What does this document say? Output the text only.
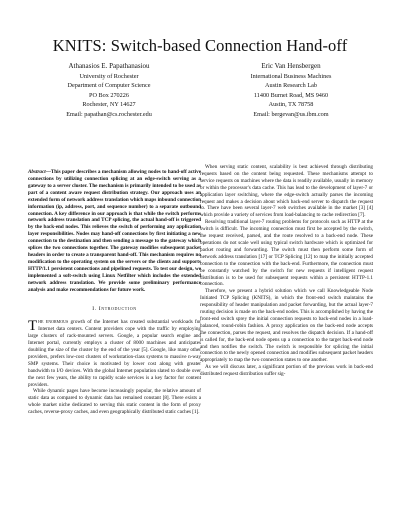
KNITS: Switch-based Connection Hand-off
Athanasios E. Papathanasiou
University of Rochester
Department of Computer Science
PO Box 270226
Rochester, NY 14627
Email: papathan@cs.rochester.edu
Eric Van Hensbergen
International Business Machines
Austin Research Lab
11400 Burnet Road, MS 9460
Austin, TX 78758
Email: bergevan@us.ibm.com

Abstract—This paper describes a mechanism allowing nodes to hand-off active connections by utilizing connection splicing at an edge-switch serving as a gateway to a server cluster. The mechanism is primarily intended to be used as part of a content aware request distribution strategy. Our approach uses an extended form of network address translation which maps inbound connection information (ip, address, port, and sequence number) to a separate outbound connection. A key difference in our approach is that while the switch performs network address translation and TCP splicing, the actual hand-off is triggered by the back-end nodes. This relieves the switch of performing any application layer responsibilities. Nodes may hand-off connections by first initiating a new connection to the destination and then sending a message to the gateway which splices the two connections together. The gateway modifies subsequent packet headers in order to create a transparent hand-off. This mechanism requires no modification to the operating system on the servers or the clients and supports HTTP/1.1 persistent connections and pipelined requests. To test our design, we implemented a soft-switch using Linux Netfilter which includes the extended network address translation. We provide some preliminary performance analysis and make recommendations for future work.

I. Introduction

The enormous growth of the Internet has created substantial workloads for Internet data centers. Content providers cope with the traffic by employing large clusters of rack-mounted servers. Google, a popular search engine and Internet portal, currently employs a cluster of 8000 machines and anticipates doubling the size of the cluster by the end of the year [5]. Google, like many other providers, prefers low-cost clusters of workstation-class systems to massive n-way SMP systems. Their choice is motivated by lower cost along with greater bandwidth to I/O devices. With the global Internet population slated to double over the next few years, the ability to rapidly scale services is a key factor for content providers.

While dynamic pages have become increasingly popular, the relative amount of static data as compared to dynamic data has remained constant [8]. There exists a whole market niche dedicated to serving this static content in the form of proxy caches, reverse-proxy caches, and even geographically distributed static caches [1].

When serving static content, scalability is best achieved through distributing requests based on the content being requested. These mechanisms attempt to service requests on machines where the data is readily available, usually in memory or within the processor's data cache. This has lead to the development of layer-7 or application layer switching, where the edge-switch actually parses the incoming request and makes a decision about which back-end server to dispatch the request to. There have been several layer-7 web switches available in the market [3] [4] which provide a variety of services from load-balancing to cache redirection [7].

Resolving traditional layer-7 routing problems for protocols such as HTTP at the switch is difficult. The incoming connection must first be accepted by the switch, the request received, parsed, and the route resolved to a back-end node. These operations do not scale well using typical switch hardware which is optimized for packet routing and forwarding. The switch must then perform some form of network address translation [17] or TCP Splicing [12] to map the initially accepted connection to the connection with the back-end. Furthermore, the connection must be constantly watched by the switch for new requests if intelligent request distribution is to be used for subsequent requests within a persistent HTTP-1.1 connection.

Therefore, we present a hybrid solution which we call Knowledgeable Node Initiated TCP Splicing (KNITS), in which the front-end switch maintains the responsibility of header manipulation and packet forwarding, but the actual layer-7 routing decision is made on the back-end nodes. This is accomplished by having the front-end switch sprey the initial connection requests to back-end nodes in a load-balanced, round-robin fashion. A proxy application on the back-end node accepts the connection, parses the request, and resolves the dispatch decision. If a hand-off is called for, the back-end node opens up a connection to the target back-end node and then notifies the switch. The switch is responsible for splicing the initial connection to the newly opened connection and modifies subsequent packet headers appropriately to map the two connection states to one another.

As we will discuss later, a significant portion of the previous work in back-end distributed request distribution suffer sig-
